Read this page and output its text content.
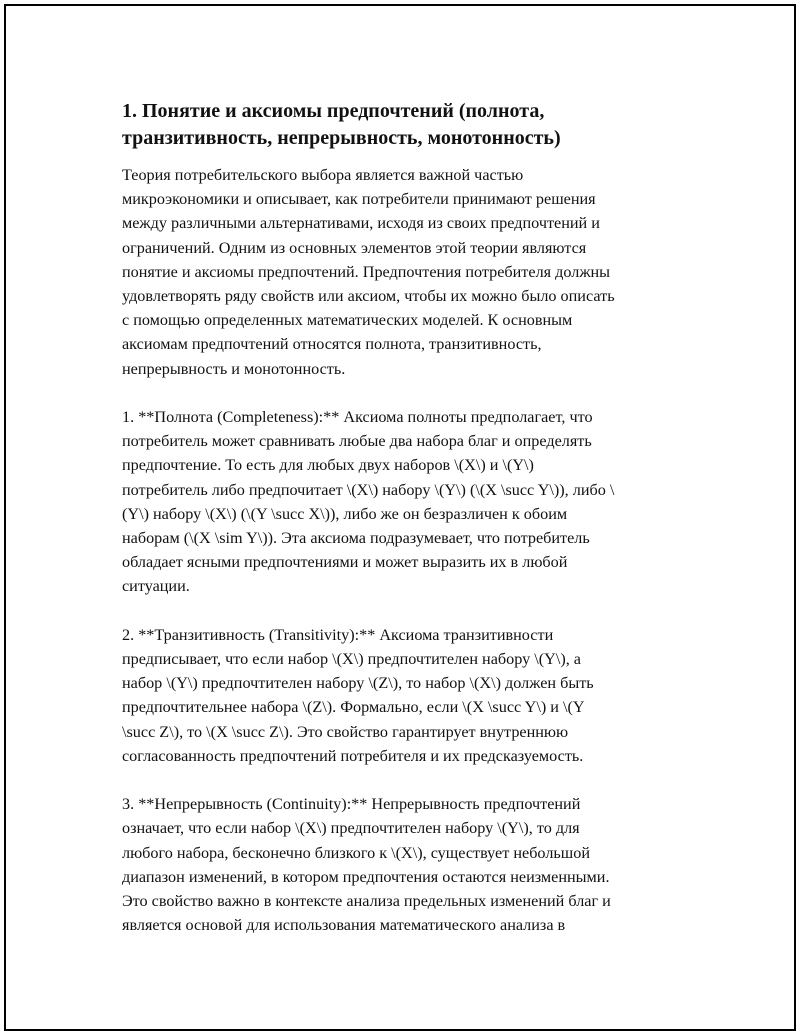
1. Понятие и аксиомы предпочтений (полнота,
транзитивность, непрерывность, монотонность)
Теория потребительского выбора является важной частью
микроэкономики и описывает, как потребители принимают решения
между различными альтернативами, исходя из своих предпочтений и
ограничений. Одним из основных элементов этой теории являются
понятие и аксиомы предпочтений. Предпочтения потребителя должны
удовлетворять ряду свойств или аксиом, чтобы их можно было описать
с помощью определенных математических моделей. К основным
аксиомам предпочтений относятся полнота, транзитивность,
непрерывность и монотонность.
1. **Полнота (Completeness):** Аксиома полноты предполагает, что
потребитель может сравнивать любые два набора благ и определять
предпочтение. То есть для любых двух наборов \(X\) и \(Y\)
потребитель либо предпочитает \(X\) набору \(Y\) (\(X \succ Y\)), либо \
(Y\) набору \(X\) (\(Y \succ X\)), либо же он безразличен к обоим
наборам (\(X \sim Y\)). Эта аксиома подразумевает, что потребитель
обладает ясными предпочтениями и может выразить их в любой
ситуации.
2. **Транзитивность (Transitivity):** Аксиома транзитивности
предписывает, что если набор \(X\) предпочтителен набору \(Y\), а
набор \(Y\) предпочтителен набору \(Z\), то набор \(X\) должен быть
предпочтительнее набора \(Z\). Формально, если \(X \succ Y\) и \(Y
\succ Z\), то \(X \succ Z\). Это свойство гарантирует внутреннюю
согласованность предпочтений потребителя и их предсказуемость.
3. **Непрерывность (Continuity):** Непрерывность предпочтений
означает, что если набор \(X\) предпочтителен набору \(Y\), то для
любого набора, бесконечно близкого к \(X\), существует небольшой
диапазон изменений, в котором предпочтения остаются неизменными.
Это свойство важно в контексте анализа предельных изменений благ и
является основой для использования математического анализа в
